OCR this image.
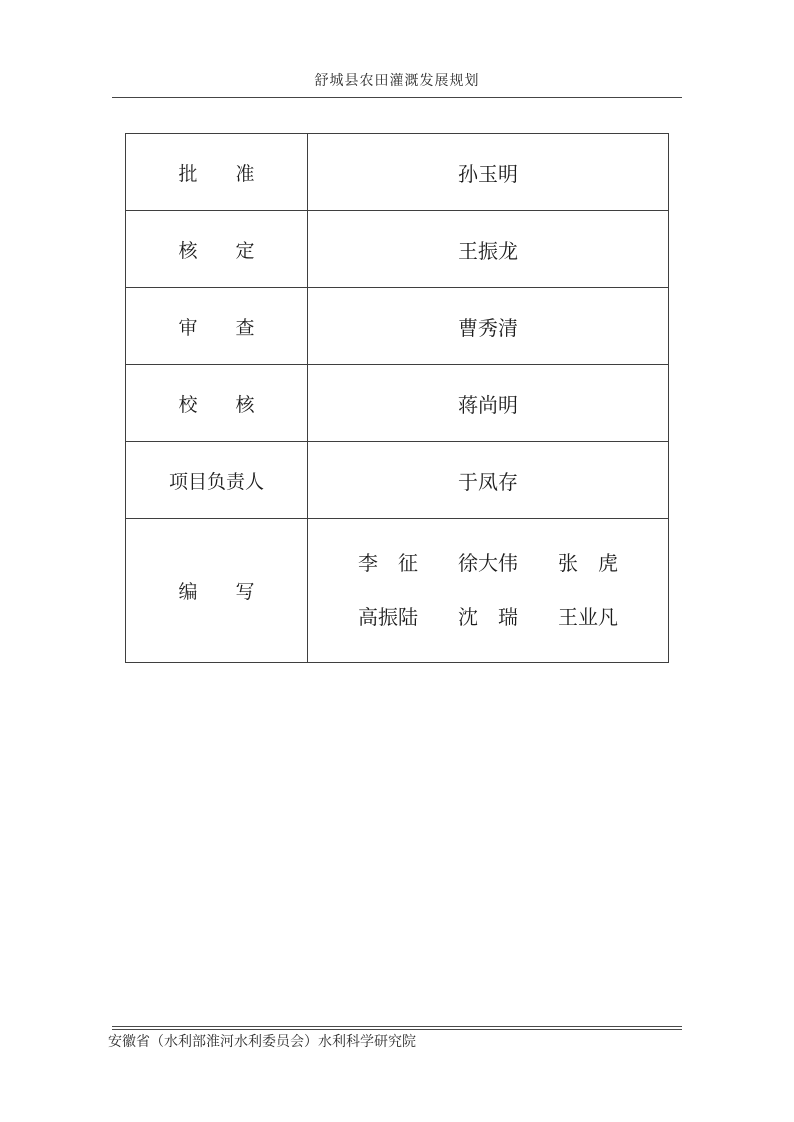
舒城县农田灌溉发展规划
批　　准	孙玉明
核　　定	王振龙
审　　查	曹秀清
校　　核	蒋尚明
项目负责人	于凤存
编　　写	李　征　　徐大伟　　张　虎
高振陆　　沈　瑞　　王业凡
安徽省（水利部淮河水利委员会）水利科学研究院
